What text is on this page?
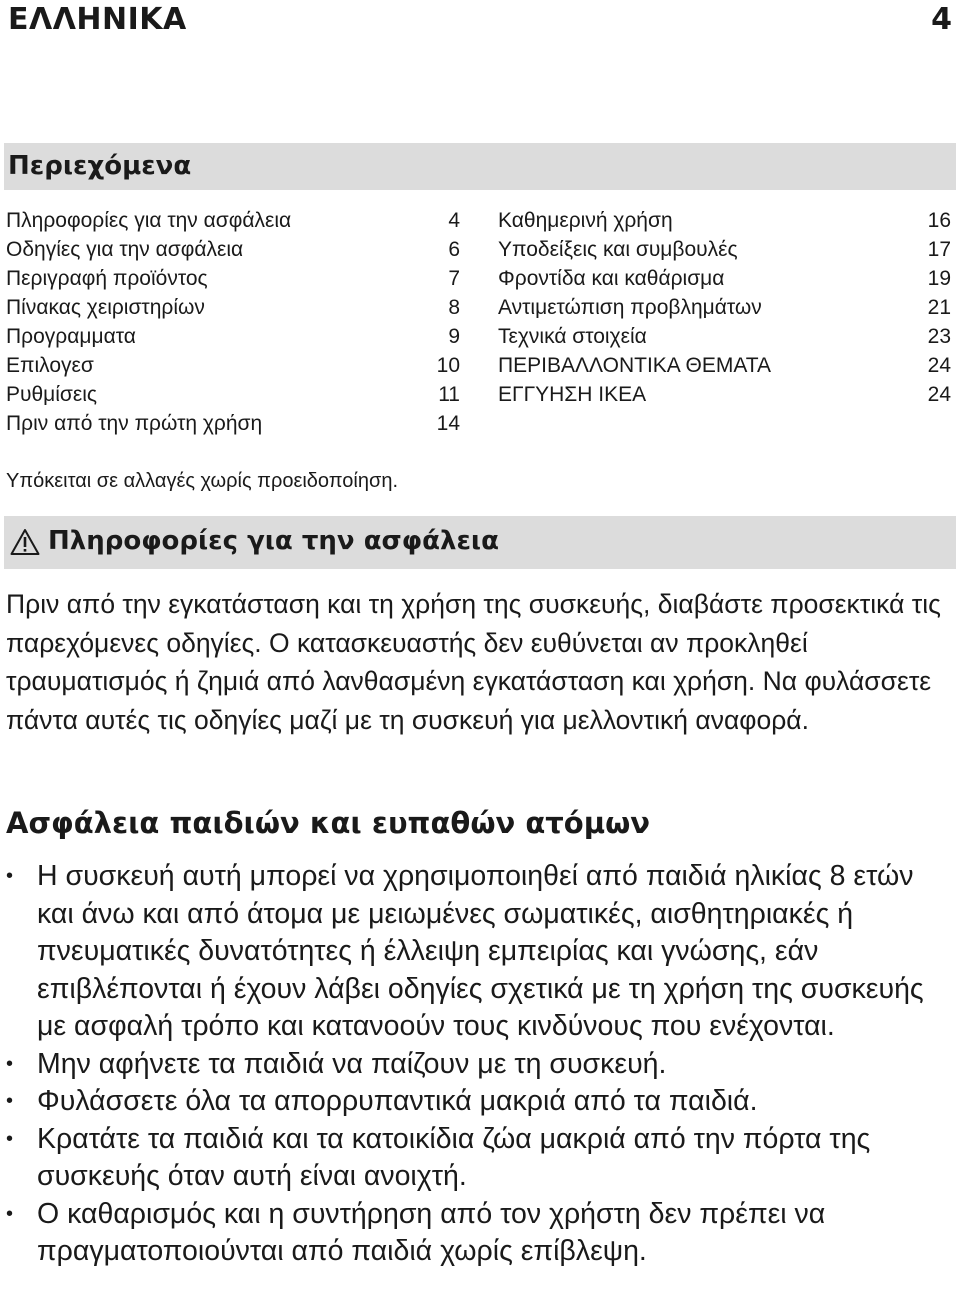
ΕΛΛΗΝΙΚΑ	4
Περιεχόμενα
Πληροφορίες για την ασφάλεια	4
Οδηγίες για την ασφάλεια	6
Περιγραφή προϊόντος	7
Πίνακας χειριστηρίων	8
Προγραμματα	9
Επιλογεσ	10
Ρυθμίσεις	11
Πριν από την πρώτη χρήση	14
Καθημερινή χρήση	16
Υποδείξεις και συμβουλές	17
Φροντίδα και καθάρισμα	19
Αντιμετώπιση προβλημάτων	21
Τεχνικά στοιχεία	23
ΠΕΡΙΒΑΛΛΟΝΤΙΚΑ ΘΕΜΑΤΑ	24
ΕΓΓΥΗΣΗ IKEA	24
Υπόκειται σε αλλαγές χωρίς προειδοποίηση.
Πληροφορίες για την ασφάλεια

Πριν από την εγκατάσταση και τη χρήση της συσκευής, διαβάστε προσεκτικά τις παρεχόμενες οδηγίες. Ο κατασκευαστής δεν ευθύνεται αν προκληθεί τραυματισμός ή ζημιά από λανθασμένη εγκατάσταση και χρήση. Να φυλάσσετε πάντα αυτές τις οδηγίες μαζί με τη συσκευή για μελλοντική αναφορά.

Ασφάλεια παιδιών και ευπαθών ατόμων
• Η συσκευή αυτή μπορεί να χρησιμοποιηθεί από παιδιά ηλικίας 8 ετών και άνω και από άτομα με μειωμένες σωματικές, αισθητηριακές ή πνευματικές δυνατότητες ή έλλειψη εμπειρίας και γνώσης, εάν επιβλέπονται ή έχουν λάβει οδηγίες σχετικά με τη χρήση της συσκευής με ασφαλή τρόπο και κατανοούν τους κινδύνους που ενέχονται.
• Μην αφήνετε τα παιδιά να παίζουν με τη συσκευή.
• Φυλάσσετε όλα τα απορρυπαντικά μακριά από τα παιδιά.
• Κρατάτε τα παιδιά και τα κατοικίδια ζώα μακριά από την πόρτα της συσκευής όταν αυτή είναι ανοιχτή.
• Ο καθαρισμός και η συντήρηση από τον χρήστη δεν πρέπει να πραγματοποιούνται από παιδιά χωρίς επίβλεψη.
